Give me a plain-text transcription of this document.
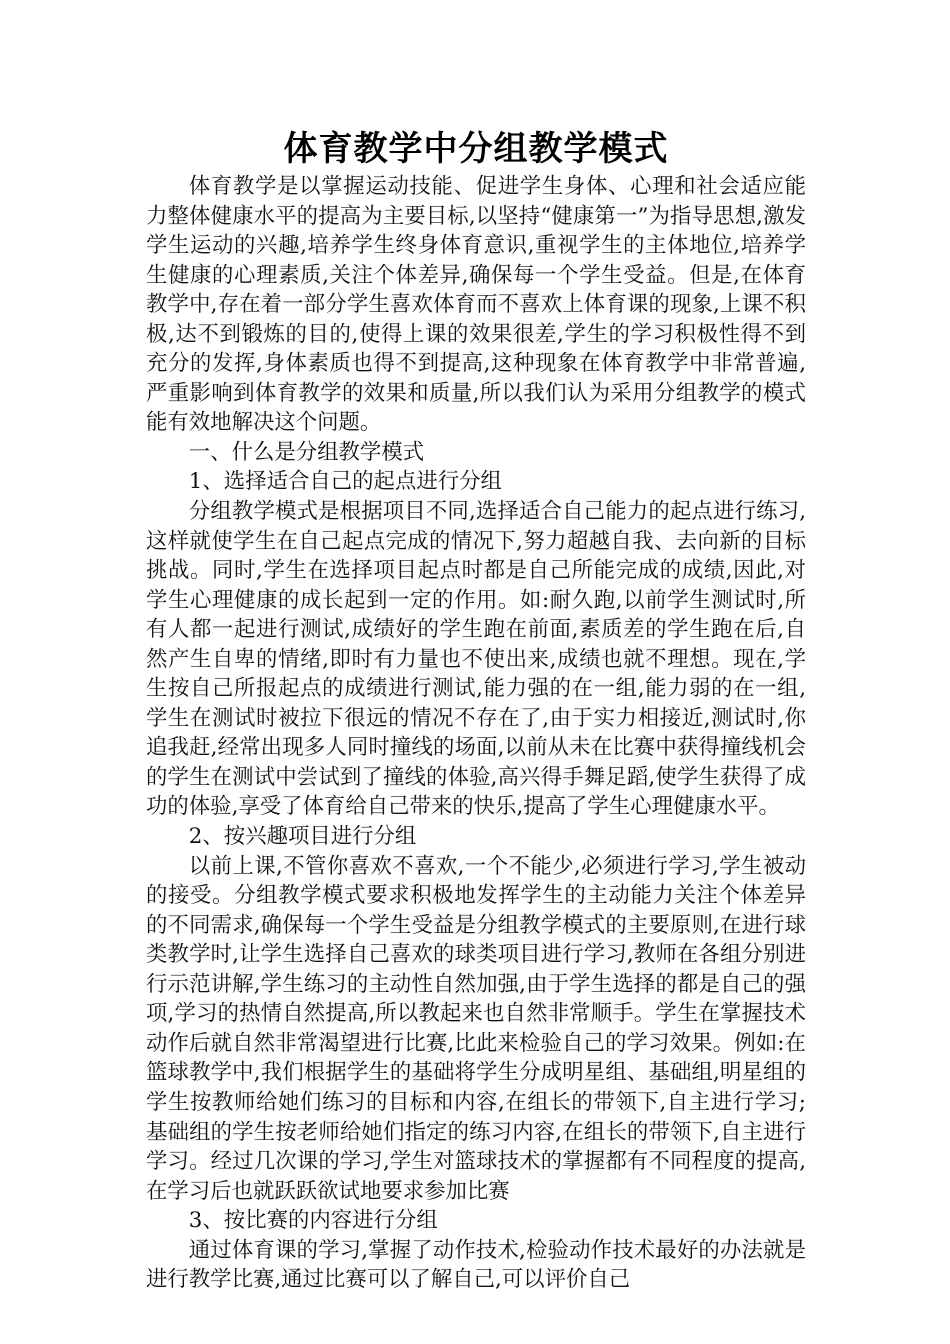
体育教学中分组教学模式

体育教学是以掌握运动技能、促进学生身体、心理和社会适应能力整体健康水平的提高为主要目标,以坚持“健康第一”为指导思想,激发学生运动的兴趣,培养学生终身体育意识,重视学生的主体地位,培养学生健康的心理素质,关注个体差异,确保每一个学生受益。但是,在体育教学中,存在着一部分学生喜欢体育而不喜欢上体育课的现象,上课不积极,达不到锻炼的目的,使得上课的效果很差,学生的学习积极性得不到充分的发挥,身体素质也得不到提高,这种现象在体育教学中非常普遍,严重影响到体育教学的效果和质量,所以我们认为采用分组教学的模式能有效地解决这个问题。

一、什么是分组教学模式

1、选择适合自己的起点进行分组

分组教学模式是根据项目不同,选择适合自己能力的起点进行练习,这样就使学生在自己起点完成的情况下,努力超越自我、去向新的目标挑战。同时,学生在选择项目起点时都是自己所能完成的成绩,因此,对学生心理健康的成长起到一定的作用。如:耐久跑,以前学生测试时,所有人都一起进行测试,成绩好的学生跑在前面,素质差的学生跑在后,自然产生自卑的情绪,即时有力量也不使出来,成绩也就不理想。现在,学生按自己所报起点的成绩进行测试,能力强的在一组,能力弱的在一组,学生在测试时被拉下很远的情况不存在了,由于实力相接近,测试时,你追我赶,经常出现多人同时撞线的场面,以前从未在比赛中获得撞线机会的学生在测试中尝试到了撞线的体验,高兴得手舞足蹈,使学生获得了成功的体验,享受了体育给自己带来的快乐,提高了学生心理健康水平。

2、按兴趣项目进行分组

以前上课,不管你喜欢不喜欢,一个不能少,必须进行学习,学生被动的接受。分组教学模式要求积极地发挥学生的主动能力关注个体差异的不同需求,确保每一个学生受益是分组教学模式的主要原则,在进行球类教学时,让学生选择自己喜欢的球类项目进行学习,教师在各组分别进行示范讲解,学生练习的主动性自然加强,由于学生选择的都是自己的强项,学习的热情自然提高,所以教起来也自然非常顺手。学生在掌握技术动作后就自然非常渴望进行比赛,比此来检验自己的学习效果。例如:在篮球教学中,我们根据学生的基础将学生分成明星组、基础组,明星组的学生按教师给她们练习的目标和内容,在组长的带领下,自主进行学习; 基础组的学生按老师给她们指定的练习内容,在组长的带领下,自主进行学习。经过几次课的学习,学生对篮球技术的掌握都有不同程度的提高,在学习后也就跃跃欲试地要求参加比赛

3、按比赛的内容进行分组

通过体育课的学习,掌握了动作技术,检验动作技术最好的办法就是进行教学比赛,通过比赛可以了解自己,可以评价自己
